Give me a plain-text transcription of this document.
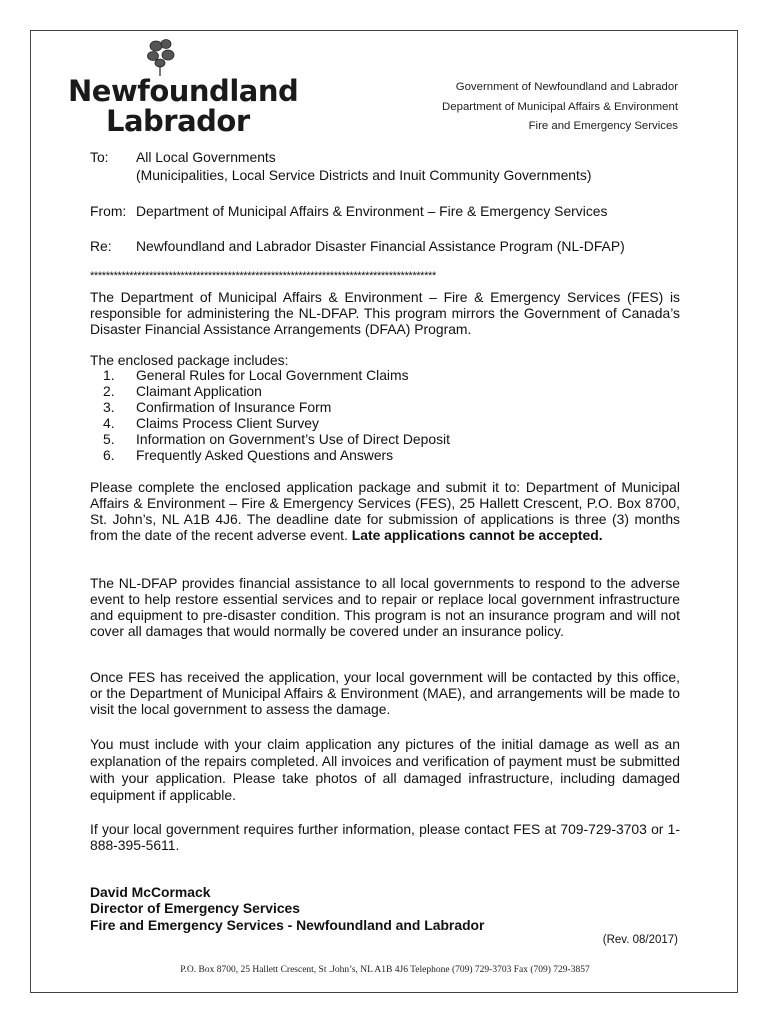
Newfoundland
Labrador
Government of Newfoundland and Labrador
Department of Municipal Affairs & Environment
Fire and Emergency Services
To: All Local Governments
(Municipalities, Local Service Districts and Inuit Community Governments)
From: Department of Municipal Affairs & Environment – Fire & Emergency Services
Re: Newfoundland and Labrador Disaster Financial Assistance Program (NL-DFAP)
****************************************************************************************
The Department of Municipal Affairs & Environment – Fire & Emergency Services (FES) is responsible for administering the NL-DFAP. This program mirrors the Government of Canada’s Disaster Financial Assistance Arrangements (DFAA) Program.
The enclosed package includes:
1.	General Rules for Local Government Claims
2.	Claimant Application
3.	Confirmation of Insurance Form
4.	Claims Process Client Survey
5.	Information on Government’s Use of Direct Deposit
6.	Frequently Asked Questions and Answers
Please complete the enclosed application package and submit it to: Department of Municipal Affairs & Environment – Fire & Emergency Services (FES), 25 Hallett Crescent, P.O. Box 8700, St. John’s, NL A1B 4J6. The deadline date for submission of applications is three (3) months from the date of the recent adverse event. Late applications cannot be accepted.
The NL-DFAP provides financial assistance to all local governments to respond to the adverse event to help restore essential services and to repair or replace local government infrastructure and equipment to pre-disaster condition. This program is not an insurance program and will not cover all damages that would normally be covered under an insurance policy.
Once FES has received the application, your local government will be contacted by this office, or the Department of Municipal Affairs & Environment (MAE), and arrangements will be made to visit the local government to assess the damage.
You must include with your claim application any pictures of the initial damage as well as an explanation of the repairs completed. All invoices and verification of payment must be submitted with your application. Please take photos of all damaged infrastructure, including damaged equipment if applicable.
If your local government requires further information, please contact FES at 709-729-3703 or 1-888-395-5611.
David McCormack
Director of Emergency Services
Fire and Emergency Services - Newfoundland and Labrador
(Rev. 08/2017)
P.O. Box 8700, 25 Hallett Crescent, St .John’s, NL A1B 4J6 Telephone (709) 729-3703 Fax (709) 729-3857
